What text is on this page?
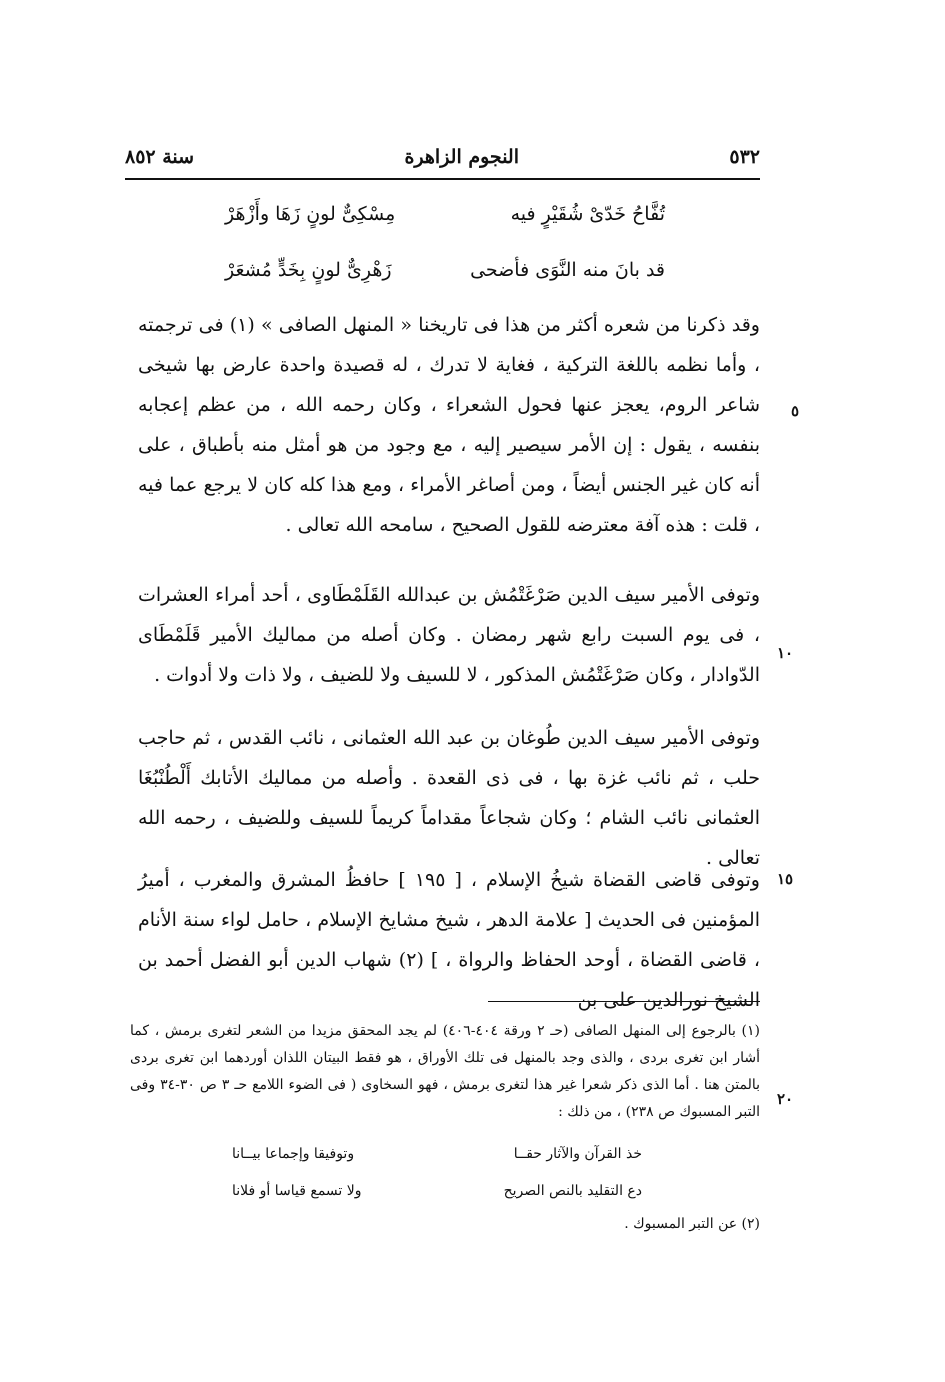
٥٣٢
النجوم الزاهرة
سنة ٨٥٢
تُفَّاحُ خَدّىْ شُقَيْرٍ فيه
مِسْكِىٌّ لونٍ زَهَا وأَزْهَرْ
قد بانَ منه النَّوَى فأضحى
زَهْرِىٌّ لونٍ بِخَدٍّ مُشعَرْ

وقد ذكرنا من شعره أكثر من هذا فى تاريخنا « المنهل الصافى » (١) فى ترجمته ، وأما نظمه باللغة التركية ، فغاية لا تدرك ، له قصيدة واحدة عارض بها شيخى شاعر الروم، يعجز عنها فحول الشعراء ، وكان رحمه الله ، من عظم إعجابه بنفسه ، يقول : إن الأمر سيصير إليه ، مع وجود من هو أمثل منه بأطباق ، على أنه كان غير الجنس أيضاً ، ومن أصاغر الأمراء ، ومع هذا كله كان لا يرجع عما فيه ، قلت : هذه آفة معترضه للقول الصحيح ، سامحه الله تعالى .

وتوفى الأمير سيف الدين صَرْغَتْمُش بن عبدالله القَلَمْطَاوى ، أحد أمراء العشرات ، فى يوم السبت رابع شهر رمضان . وكان أصله من مماليك الأمير قَلَمْطَاى الدّوادار ، وكان صَرْغَتْمُش المذكور ، لا للسيف ولا للضيف ، ولا ذات ولا أدوات .

وتوفى الأمير سيف الدين طُوغان بن عبد الله العثمانى ، نائب القدس ، ثم حاجب حلب ، ثم نائب غزة بها ، فى ذى القعدة . وأصله من مماليك الأتابك أَلْطُنْبُغَا العثمانى نائب الشام ؛ وكان شجاعاً مقداماً كريماً للسيف وللضيف ، رحمه الله تعالى .

وتوفى قاضى القضاة شيخُ الإسلام ، [ ١٩٥ ] حافظُ المشرق والمغرب ، أميرُ المؤمنين فى الحديث [ علامة الدهر ، شيخ مشايخ الإسلام ، حامل لواء سنة الأنام ، قاضى القضاة ، أوحد الحفاظ والرواة ، ] (٢) شهاب الدين أبو الفضل أحمد بن الشيخ نورالدين على بن

٥
١٠
١٥
٢٠

(١) بالرجوع إلى المنهل الصافى (حـ ٢ ورقة ٤٠٤-٤٠٦) لم يجد المحقق مزيدا من الشعر لتغرى برمش ، كما أشار ابن تغرى بردى ، والذى وجد بالمنهل فى تلك الأوراق ، هو فقط البيتان اللذان أوردهما ابن تغرى بردى بالمتن هنا . أما الذى ذكر شعرا غير هذا لتغرى برمش ، فهو السخاوى ( فى الضوء اللامع حـ ٣ ص ٣٠-٣٤ وفى التبر المسبوك ص ٢٣٨) ، من ذلك :

خذ القرآن والآثار حقــا
وتوفيقا وإجماعا بيــانا
دع التقليد بالنص الصريح
ولا تسمع قياسا أو فلانا
(٢) عن التبر المسبوك .
